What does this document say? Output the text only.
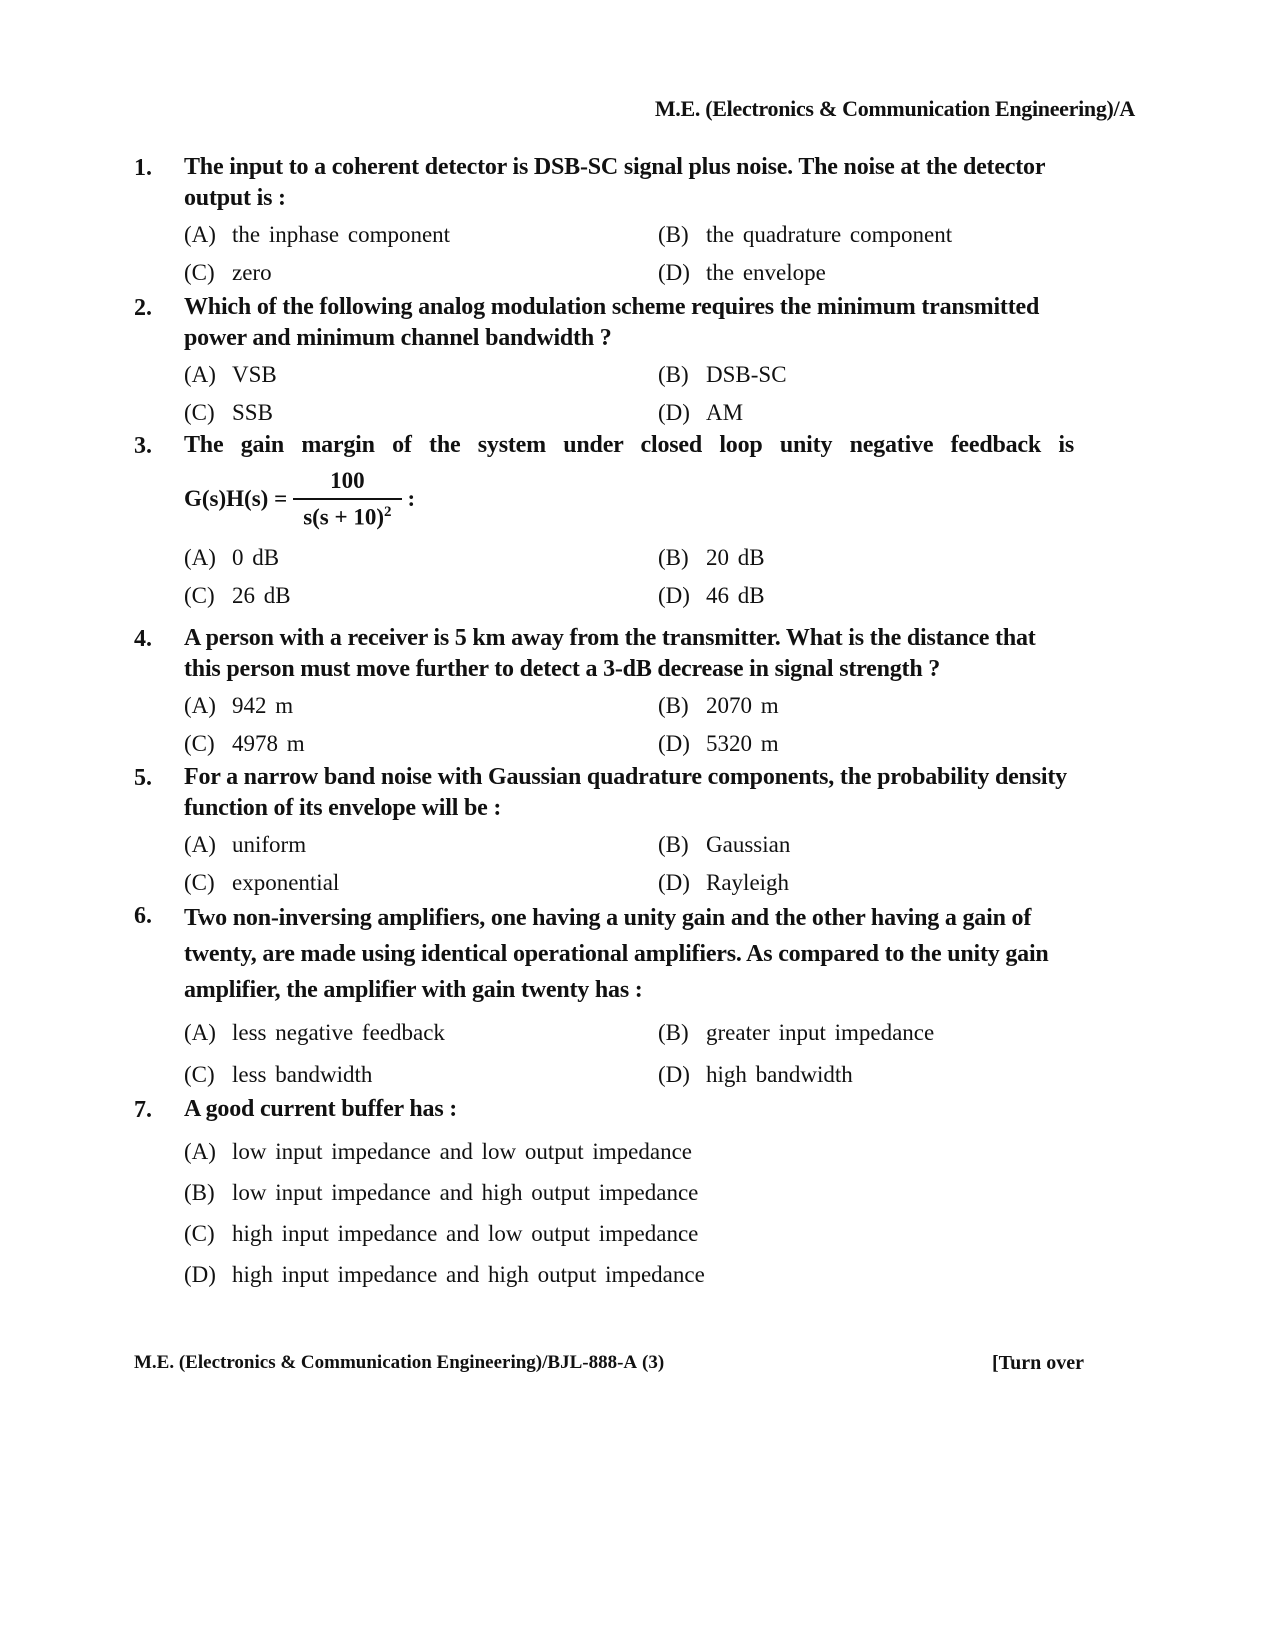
M.E. (Electronics & Communication Engineering)/A
1.	The input to a coherent detector is DSB-SC signal plus noise. The noise at the detector output is :
(A) the inphase component	(B) the quadrature component
(C) zero	(D) the envelope
2.	Which of the following analog modulation scheme requires the minimum transmitted power and minimum channel bandwidth ?
(A) VSB	(B) DSB-SC
(C) SSB	(D) AM
3.	The gain margin of the system under closed loop unity negative feedback is
$G(s)H(s) = \frac{100}{s(s + 10)^2}$ :
(A) 0 dB	(B) 20 dB
(C) 26 dB	(D) 46 dB
4.	A person with a receiver is 5 km away from the transmitter. What is the distance that this person must move further to detect a 3-dB decrease in signal strength ?
(A) 942 m	(B) 2070 m
(C) 4978 m	(D) 5320 m
5.	For a narrow band noise with Gaussian quadrature components, the probability density function of its envelope will be :
(A) uniform	(B) Gaussian
(C) exponential	(D) Rayleigh
6.	Two non-inversing amplifiers, one having a unity gain and the other having a gain of twenty, are made using identical operational amplifiers. As compared to the unity gain amplifier, the amplifier with gain twenty has :
(A) less negative feedback	(B) greater input impedance
(C) less bandwidth	(D) high bandwidth
7.	A good current buffer has :
(A) low input impedance and low output impedance
(B) low input impedance and high output impedance
(C) high input impedance and low output impedance
(D) high input impedance and high output impedance
M.E. (Electronics & Communication Engineering)/BJL-888-A (3)	[Turn over
